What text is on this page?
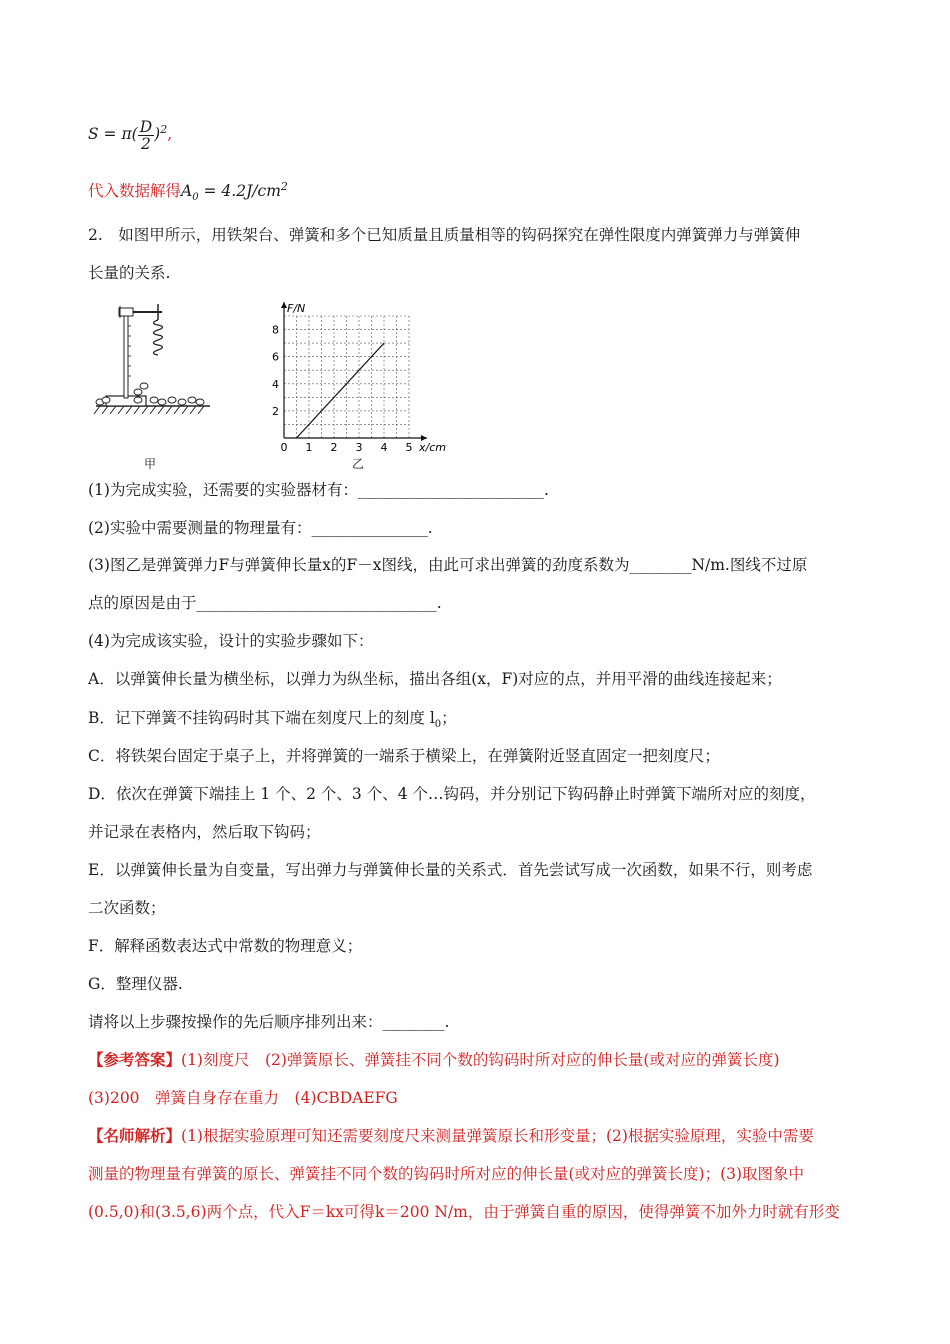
$S = \pi( \frac{D}{2} )^2$,
代入数据解得$A_0 = 4.2J/cm^2$
2.　如图甲所示，用铁架台、弹簧和多个已知质量且质量相等的钩码探究在弹性限度内弹簧弹力与弹簧伸
长量的关系.
甲
0 1 2 3 4 5
2
4
6
8
F/N
x/cm
乙
(1)为完成实验，还需要的实验器材有：________________________.
(2)实验中需要测量的物理量有：_______________.
(3)图乙是弹簧弹力F与弹簧伸长量x的F－x图线，由此可求出弹簧的劲度系数为________N/m.图线不过原
点的原因是由于_______________________________.
(4)为完成该实验，设计的实验步骤如下：
A．以弹簧伸长量为横坐标，以弹力为纵坐标，描出各组(x，F)对应的点，并用平滑的曲线连接起来；
B．记下弹簧不挂钩码时其下端在刻度尺上的刻度 $l_0$；
C．将铁架台固定于桌子上，并将弹簧的一端系于横梁上，在弹簧附近竖直固定一把刻度尺；
D．依次在弹簧下端挂上 1 个、2 个、3 个、4 个…钩码，并分别记下钩码静止时弹簧下端所对应的刻度，
并记录在表格内，然后取下钩码；
E．以弹簧伸长量为自变量，写出弹力与弹簧伸长量的关系式．首先尝试写成一次函数，如果不行，则考虑
二次函数；
F．解释函数表达式中常数的物理意义；
G．整理仪器.
请将以上步骤按操作的先后顺序排列出来：________.
【参考答案】(1)刻度尺　(2)弹簧原长、弹簧挂不同个数的钩码时所对应的伸长量(或对应的弹簧长度)
(3)200　弹簧自身存在重力　(4)CBDAEFG
【名师解析】(1)根据实验原理可知还需要刻度尺来测量弹簧原长和形变量；(2)根据实验原理，实验中需要
测量的物理量有弹簧的原长、弹簧挂不同个数的钩码时所对应的伸长量(或对应的弹簧长度)；(3)取图象中
(0.5,0)和(3.5,6)两个点，代入F＝kx可得k＝200 N/m，由于弹簧自重的原因，使得弹簧不加外力时就有形变
